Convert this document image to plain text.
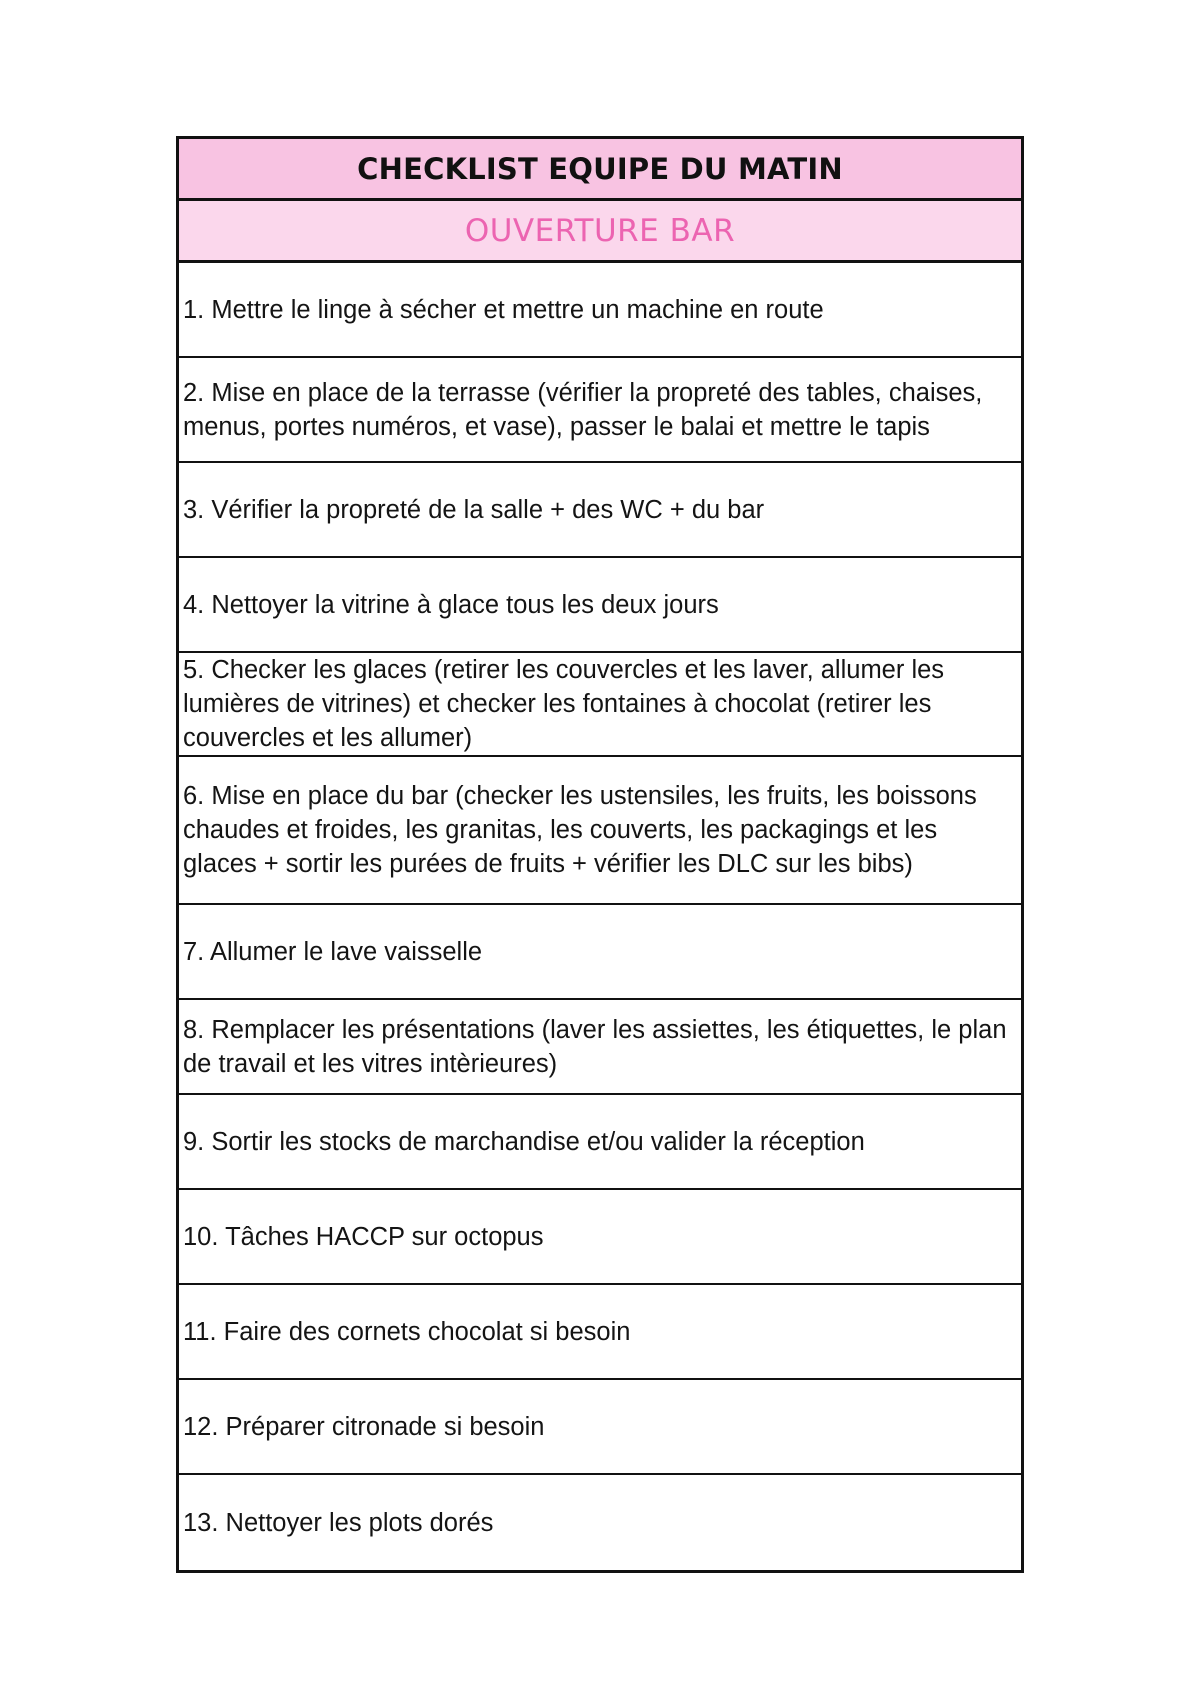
CHECKLIST EQUIPE DU MATIN
OUVERTURE BAR
1. Mettre le linge à sécher et mettre un machine en route
2. Mise en place de la terrasse (vérifier la propreté des tables, chaises, menus, portes numéros, et vase), passer le balai et mettre le tapis
3. Vérifier la propreté de la salle + des WC + du bar
4. Nettoyer la vitrine à glace tous les deux jours
5. Checker les glaces (retirer les couvercles et les laver, allumer les lumières de vitrines) et checker les fontaines à chocolat (retirer les couvercles et les allumer)
6. Mise en place du bar (checker les ustensiles, les fruits, les boissons chaudes et froides, les granitas, les couverts, les packagings et les glaces + sortir les purées de fruits + vérifier les DLC sur les bibs)
7. Allumer le lave vaisselle
8. Remplacer les présentations (laver les assiettes, les étiquettes, le plan de travail et les vitres intèrieures)
9. Sortir les stocks de marchandise et/ou valider la réception
10. Tâches HACCP sur octopus
11. Faire des cornets chocolat si besoin
12. Préparer citronade si besoin
13. Nettoyer les plots dorés
